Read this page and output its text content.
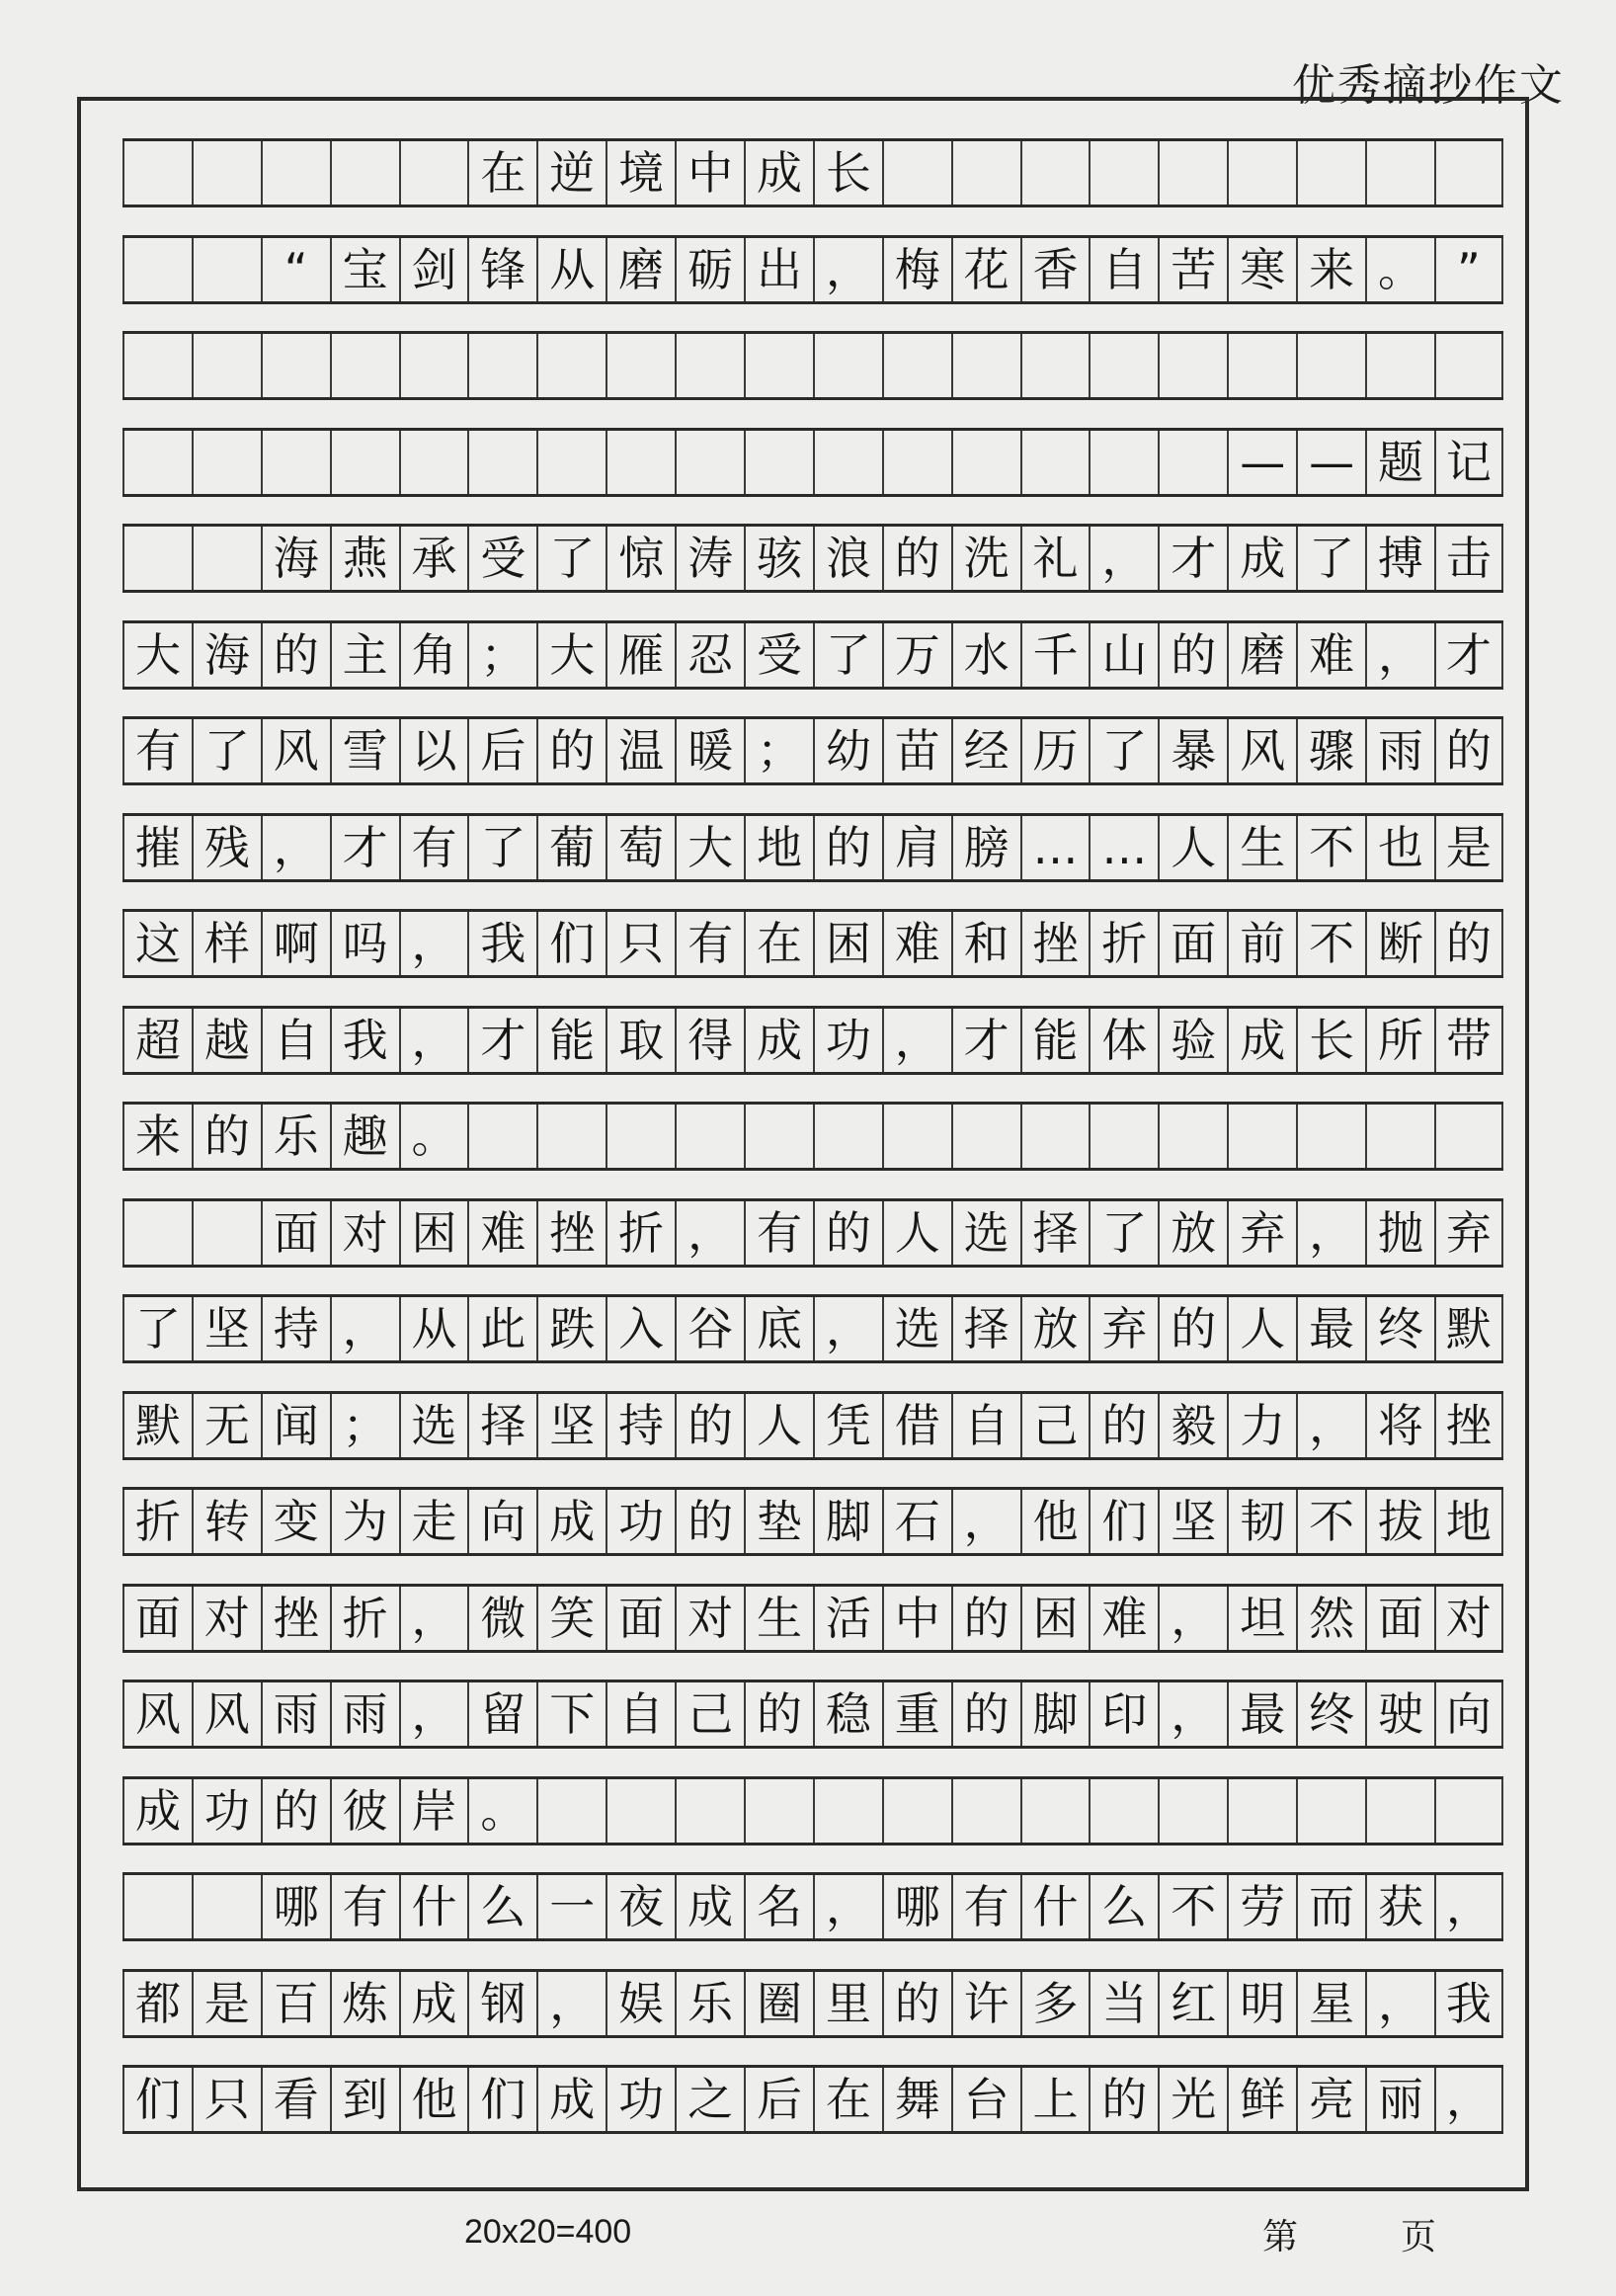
优秀摘抄作文
在 逆 境 中 成 长
“ 宝 剑 锋 从 磨 砺 出 ， 梅 花 香 自 苦 寒 来 。 ”
— — 题 记
海 燕 承 受 了 惊 涛 骇 浪 的 洗 礼 ， 才 成 了 搏 击
大 海 的 主 角 ； 大 雁 忍 受 了 万 水 千 山 的 磨 难 ， 才
有 了 风 雪 以 后 的 温 暖 ； 幼 苗 经 历 了 暴 风 骤 雨 的
摧 残 ， 才 有 了 葡 萄 大 地 的 肩 膀 … … 人 生 不 也 是
这 样 啊 吗 ， 我 们 只 有 在 困 难 和 挫 折 面 前 不 断 的
超 越 自 我 ， 才 能 取 得 成 功 ， 才 能 体 验 成 长 所 带
来 的 乐 趣 。
面 对 困 难 挫 折 ， 有 的 人 选 择 了 放 弃 ， 抛 弃
了 坚 持 ， 从 此 跌 入 谷 底 ， 选 择 放 弃 的 人 最 终 默
默 无 闻 ； 选 择 坚 持 的 人 凭 借 自 己 的 毅 力 ， 将 挫
折 转 变 为 走 向 成 功 的 垫 脚 石 ， 他 们 坚 韧 不 拔 地
面 对 挫 折 ， 微 笑 面 对 生 活 中 的 困 难 ， 坦 然 面 对
风 风 雨 雨 ， 留 下 自 己 的 稳 重 的 脚 印 ， 最 终 驶 向
成 功 的 彼 岸 。
哪 有 什 么 一 夜 成 名 ， 哪 有 什 么 不 劳 而 获 ，
都 是 百 炼 成 钢 ， 娱 乐 圈 里 的 许 多 当 红 明 星 ， 我
们 只 看 到 他 们 成 功 之 后 在 舞 台 上 的 光 鲜 亮 丽 ，
20x20=400	第	页
